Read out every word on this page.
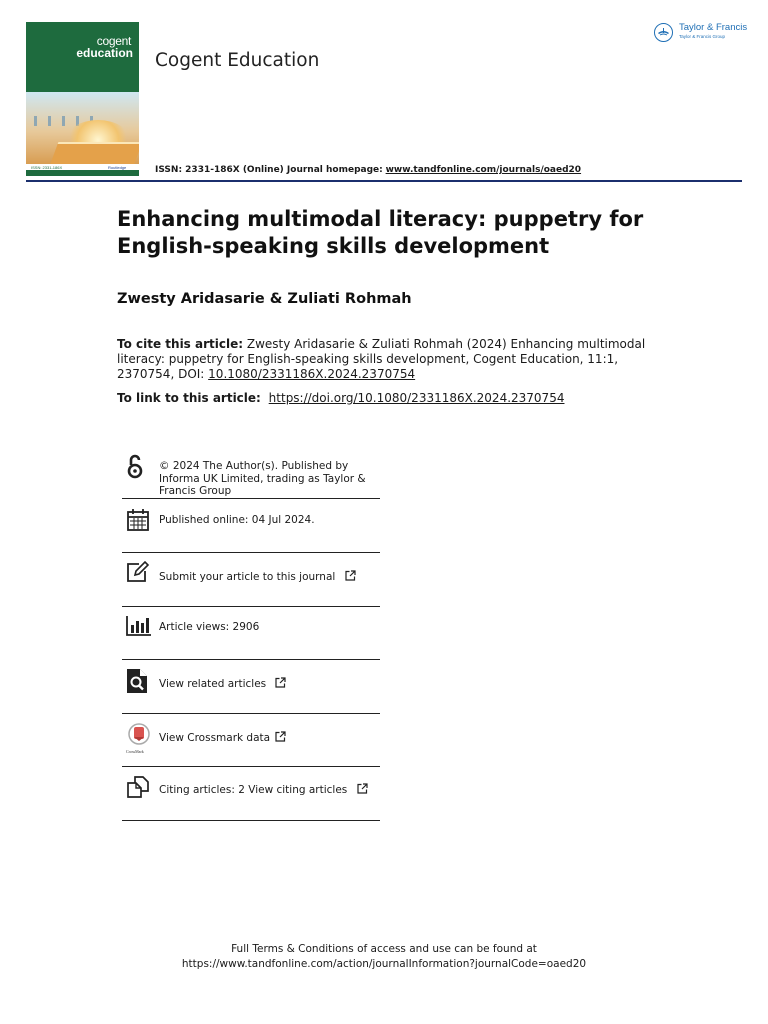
cogent
education
ISSN: 2331-186X	Routledge
Cogent Education
Taylor & Francis
Taylor & Francis Group
ISSN: 2331-186X (Online) Journal homepage: www.tandfonline.com/journals/oaed20
Enhancing multimodal literacy: puppetry for English-speaking skills development
Zwesty Aridasarie & Zuliati Rohmah
To cite this article: Zwesty Aridasarie & Zuliati Rohmah (2024) Enhancing multimodal literacy: puppetry for English-speaking skills development, Cogent Education, 11:1, 2370754, DOI: 10.1080/2331186X.2024.2370754
To link to this article: https://doi.org/10.1080/2331186X.2024.2370754
© 2024 The Author(s). Published by Informa UK Limited, trading as Taylor & Francis Group
Published online: 04 Jul 2024.
Submit your article to this journal
Article views: 2906
View related articles
CrossMark
View Crossmark data
Citing articles: 2 View citing articles
Full Terms & Conditions of access and use can be found at
https://www.tandfonline.com/action/journalInformation?journalCode=oaed20
